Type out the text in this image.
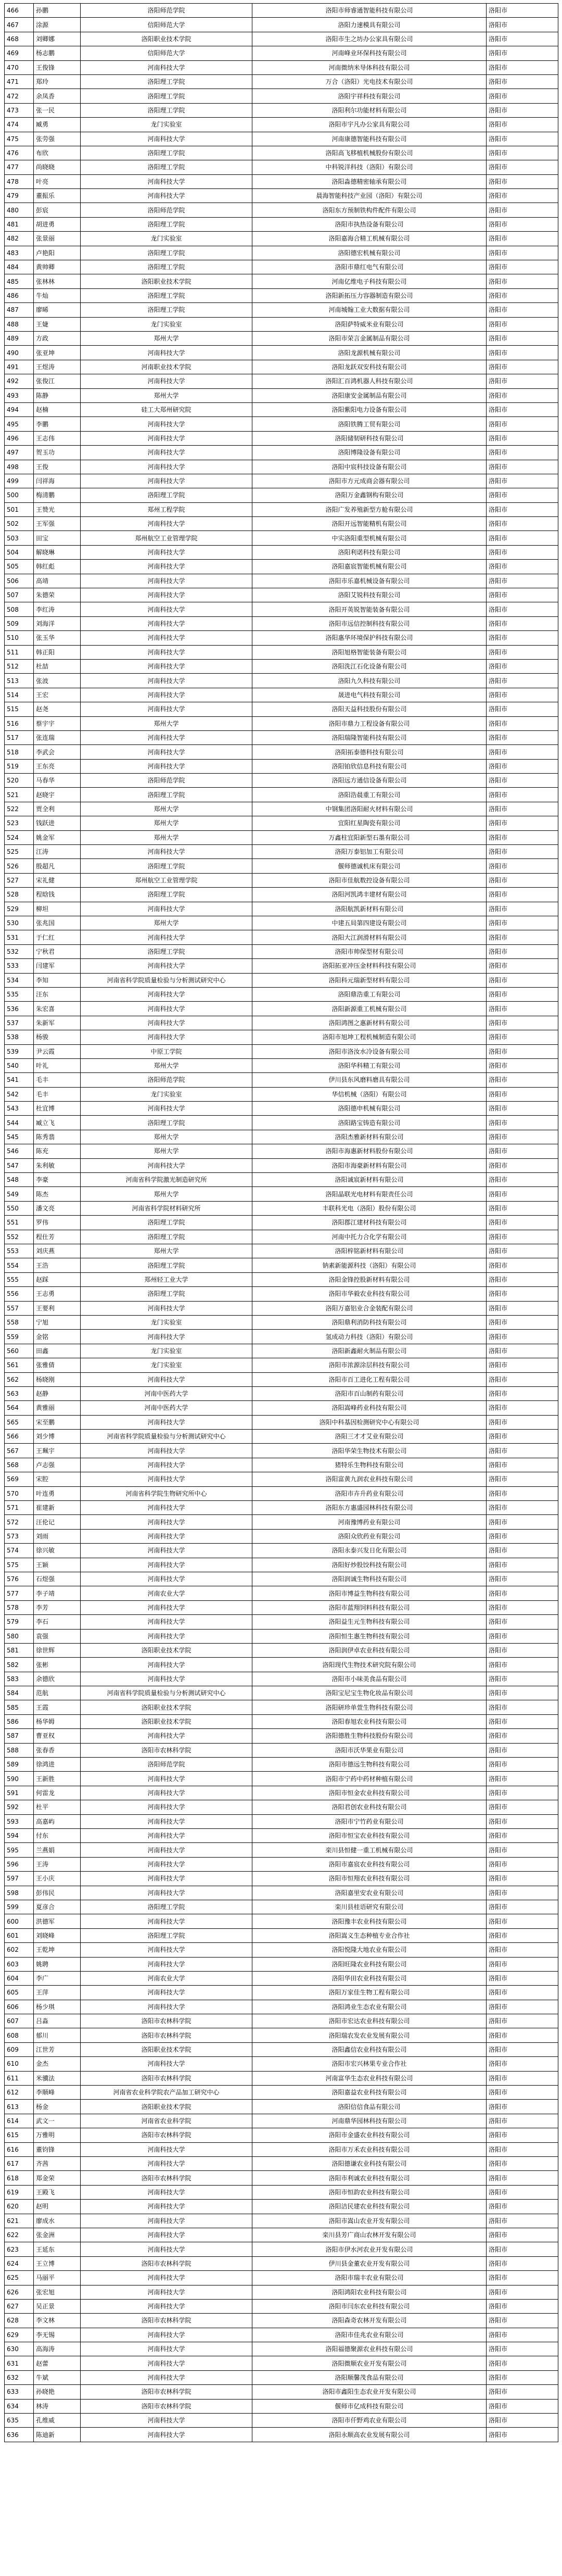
466	孙鹏	洛阳师范学院	洛阳市师睿通智能科技有限公司	洛阳市
467	涂源	信阳师范大学	洛阳力速模具有限公司	洛阳市
468	刘卿娜	洛阳职业技术学院	洛阳市生之坊办公家具有限公司	洛阳市
469	杨志鹏	信阳师范大学	河南峰业环保科技有限公司	洛阳市
470	王俊锋	河南科技大学	河南微纳米导体科技有限公司	洛阳市
471	郑玲	洛阳理工学院	万合（洛阳）光电技术有限公司	洛阳市
472	余凤香	洛阳理工学院	洛阳宇祥科技有限公司	洛阳市
473	张一民	洛阳理工学院	洛阳利尔功能材料有限公司	洛阳市
474	臧勇	龙门实验室	洛阳市宇凡办公家具有限公司	洛阳市
475	张劳强	河南科技大学	河南康德智能科技有限公司	洛阳市
476	布欣	洛阳理工学院	洛阳高飞移植机械股份有限公司	洛阳市
477	尚晓晓	洛阳理工学院	中科锐洋科技（洛阳）有限公司	洛阳市
478	叶亮	河南科技大学	洛阳淼德精密轴承有限公司	洛阳市
479	董振乐	河南科技大学	晨海智能科技产业园（洛阳）有限公司	洛阳市
480	彭宸	洛阳师范学院	洛阳东方预制铁构件配件有限公司	洛阳市
481	胡进勇	洛阳理工学院	洛阳市执热设备有限公司	洛阳市
482	张景丽	龙门实验室	洛阳嘉海合精工机械有限公司	洛阳市
483	卢艳阳	洛阳理工学院	洛阳德宏机械有限公司	洛阳市
484	黄帅卿	洛阳理工学院	洛阳市鼎红电气有限公司	洛阳市
485	张林林	洛阳职业技术学院	河南亿维电子科技有限公司	洛阳市
486	牛灿	洛阳理工学院	洛阳新拓压力容器制造有限公司	洛阳市
487	廖晞	洛阳理工学院	河南城翰工业大数据有限公司	洛阳市
488	王婕	龙门实验室	洛阳萨特威米业有限公司	洛阳市
489	方政	郑州大学	洛阳市荣言金属制品有限公司	洛阳市
490	张亚坤	河南科技大学	洛阳龙源机械有限公司	洛阳市
491	王煜涛	河南职业技术学院	洛阳龙跃双安科技有限公司	洛阳市
492	张俊江	河南科技大学	洛阳汇百鸿机器人科技有限公司	洛阳市
493	陈静	郑州大学	洛阳康安金属制品有限公司	洛阳市
494	赵楠	硅工大郑州研究院	洛阳紫阳电力设备有限公司	洛阳市
495	李鹏	河南科技大学	洛阳铁腾工贸有限公司	洛阳市
496	王志伟	河南科技大学	洛阳储韧研科技有限公司	洛阳市
497	贺玉功	河南科技大学	洛阳博隆设备有限公司	洛阳市
498	王俊	河南科技大学	洛阳中宸科技设备有限公司	洛阳市
499	闫祥海	河南科技大学	洛阳市方元成商会器有限公司	洛阳市
500	梅清鹏	洛阳理工学院	洛阳万金鑫钢构有限公司	洛阳市
501	王赞光	郑州工程学院	洛阳广发养殖新型方舱有限公司	洛阳市
502	王军强	河南科技大学	洛阳开远智能精机有限公司	洛阳市
503	田宝	郑州航空工业管理学院	中实洛阳重型机械有限公司	洛阳市
504	解晓琳	河南科技大学	洛阳利诺科技有限公司	洛阳市
505	韩红彪	河南科技大学	洛阳嘉宸智能机械有限公司	洛阳市
506	高靖	河南科技大学	洛阳市乐嘉机械设备有限公司	洛阳市
507	朱德荣	河南科技大学	洛阳艾锐科技有限公司	洛阳市
508	李红涛	河南科技大学	洛阳开英锐智能装备有限公司	洛阳市
509	刘海洋	河南科技大学	洛阳市远信控制科技有限公司	洛阳市
510	张玉华	河南科技大学	洛阳惠华环境保护科技有限公司	洛阳市
511	韩正阳	河南科技大学	洛阳旭格智能装备有限公司	洛阳市
512	杜喆	河南科技大学	洛阳洗江石化设备有限公司	洛阳市
513	张波	河南科技大学	洛阳九久科技有限公司	洛阳市
514	王宏	河南科技大学	晟进电气科技有限公司	洛阳市
515	赵尧	河南科技大学	洛阳天益科技股份有限公司	洛阳市
516	蔡宇宇	郑州大学	洛阳市鼎力工程设备有限公司	洛阳市
517	张连瑞	河南科技大学	洛阳瑞隆智能科技有限公司	洛阳市
518	李武会	河南科技大学	洛阳拓泰德科技有限公司	洛阳市
519	王东亮	河南科技大学	洛阳铂欣信息科技有限公司	洛阳市
520	马春华	洛阳师范学院	洛阳远方通信设备有限公司	洛阳市
521	赵晓宇	洛阳理工学院	洛阳浩晨重工有限公司	洛阳市
522	贾全利	郑州大学	中钢集团洛阳耐火材料有限公司	洛阳市
523	钱跃进	郑州大学	宜阳红星陶瓷有限公司	洛阳市
524	姚金军	郑州大学	万鑫柱宜阳新型石墨有限公司	洛阳市
525	江涛	河南科技大学	洛阳万泰铝加工有限公司	洛阳市
526	殷超凡	洛阳理工学院	偃师德诚机床有限公司	洛阳市
527	宋礼健	郑州航空工业管理学院	洛阳市佳航数控设备有限公司	洛阳市
528	程晗钱	洛阳理工学院	洛阳河凯鸿丰建材有限公司	洛阳市
529	柳坦	河南科技大学	洛阳航凯新材料有限公司	洛阳市
530	张兆国	郑州大学	中建五局第四建设有限公司	洛阳市
531	于仁红	河南科技大学	洛阳大江润滑材料有限公司	洛阳市
532	宁秋君	洛阳理工学院	洛阳市帅保型材有限公司	洛阳市
533	闫建军	河南科技大学	洛阳拓亚冲压金材料科技有限公司	洛阳市
534	李知	河南省科学院质量检验与分析测试研究中心	洛阳科元瑞新型材料有限公司	洛阳市
535	汪东	河南科技大学	洛阳鼎浩重工有限公司	洛阳市
536	朱宏喜	河南科技大学	洛阳新源重工机械有限公司	洛阳市
537	朱新军	河南科技大学	洛阳鸿图之惠新材料有限公司	洛阳市
538	杨骏	河南科技大学	洛阳市旭坤工程机械制造有限公司	洛阳市
539	尹云霞	中原工学院	洛阳市洛汝水冷设备有限公司	洛阳市
540	叶礼	郑州大学	洛阳华科精工有限公司	洛阳市
541	毛丰	洛阳师范学院	伊川县东风磨料磨具有限公司	洛阳市
542	毛丰	龙门实验室	华信机械（洛阳）有限公司	洛阳市
543	杜宜博	河南科技大学	洛阳德申机械有限公司	洛阳市
544	臧立飞	洛阳理工学院	洛阳路宝铸造有限公司	洛阳市
545	陈秀翡	郑州大学	洛阳杰雅新材料有限公司	洛阳市
546	陈充	郑州大学	洛阳市海惠新材料股份有限公司	洛阳市
547	朱利敏	河南科技大学	洛阳市海豪新材料有限公司	洛阳市
548	李豪	河南省科学院激光制造研究所	洛阳诚宸新材料有限公司	洛阳市
549	陈杰	郑州大学	洛阳晶联光电材料有限责任公司	洛阳市
550	潘文亮	河南省科学院材料研究所	丰联科光电（洛阳）股份有限公司	洛阳市
551	罗伟	洛阳理工学院	洛阳郡江建材科技有限公司	洛阳市
552	程仕芳	洛阳理工学院	河南中托力合化学有限公司	洛阳市
553	刘庆燕	郑州大学	洛阳梓铭新材料有限公司	洛阳市
554	王浩	洛阳理工学院	钠素新能源科技（洛阳）有限公司	洛阳市
555	赵踩	郑州轻工业大学	洛阳金锋控股新材料有限公司	洛阳市
556	王志勇	洛阳理工学院	洛阳市华毅农业科技有限公司	洛阳市
557	王要利	河南科技大学	洛阳万嘉铝业合金装配有限公司	洛阳市
558	宁旭	龙门实验室	洛阳鼎利消防科技有限公司	洛阳市
559	金铭	河南科技大学	氢成动力科技（洛阳）有限公司	洛阳市
560	田鑫	龙门实验室	洛阳新鑫耐火制品有限公司	洛阳市
561	张雅倩	龙门实验室	洛阳市浓源涂层科技有限公司	洛阳市
562	杨晓刚	河南科技大学	洛阳市百工进化工程有限公司	洛阳市
563	赵静	河南中医药大学	洛阳市百山制药有限公司	洛阳市
564	黄雅丽	河南中医药大学	洛阳嵩峰药业科技有限公司	洛阳市
565	宋至鹏	河南科技大学	洛阳中科基因检测研究中心有限公司	洛阳市
566	刘少博	河南省科学院质量检验与分析测试研究中心	洛阳三才才艾业有限公司	洛阳市
567	王珮宇	河南科技大学	洛阳华荣生物技术有限公司	洛阳市
568	卢志强	河南科技大学	猪特乐生物科技有限公司	洛阳市
569	宋腔	河南科技大学	洛阳富黄九润农业科技有限公司	洛阳市
570	叶连勇	河南省科学院生物研究所中心	洛阳市卉升药业有限公司	洛阳市
571	崔建新	河南科技大学	洛阳东方惠盛园林科技有限公司	洛阳市
572	汪伦记	河南科技大学	河南豫博药业有限公司	洛阳市
573	刘雨	河南科技大学	洛阳众欣药业有限公司	洛阳市
574	徐兴敏	河南科技大学	洛阳永泰兴发日化有限公司	洛阳市
575	王颖	河南科技大学	洛阳好炒股饺科技有限公司	洛阳市
576	石煜强	河南科技大学	洛阳润诚生物科技有限公司	洛阳市
577	李子靖	河南农业大学	洛阳市博益生物科技有限公司	洛阳市
578	李芳	河南科技大学	洛阳市蓝翔饲料科技有限公司	洛阳市
579	李石	河南科技大学	洛阳益生元生物科技有限公司	洛阳市
580	袁强	河南科技大学	洛阳恒生惠生物科技有限公司	洛阳市
581	徐世辉	洛阳职业技术学院	洛阳润伊卓农业科技有限公司	洛阳市
582	张彬	河南科技大学	洛阳现代生物技术研究院有限公司	洛阳市
583	余德欣	河南科技大学	洛阳市小味美食品有限公司	洛阳市
584	范航	河南省科学院质量检验与分析测试研究中心	洛阳宝尼宝生物化妆品有限公司	洛阳市
585	王霞	洛阳职业技术学院	洛阳研珍单萱生物科技有限公司	洛阳市
586	杨华姆	洛阳职业技术学院	洛阳春旭农业科技有限公司	洛阳市
587	曹亚权	河南科技大学	洛阳德胜生物科技股份有限公司	洛阳市
588	张春香	洛阳市农林科学院	洛阳市沃华果业有限公司	洛阳市
589	徐鸿进	洛阳师范学院	洛阳市德远生物科技有限公司	洛阳市
590	王新胜	河南科技大学	洛阳市宁药中药材种植有限公司	洛阳市
591	何雷龙	河南科技大学	洛阳市恒金农业科技有限公司	洛阳市
592	杜平	河南科技大学	洛阳君创农业科技有限公司	洛阳市
593	高嘉屿	河南科技大学	洛阳市宁竹药业有限公司	洛阳市
594	付东	河南科技大学	洛阳市恒宝农业科技有限公司	洛阳市
595	兰燕娟	河南科技大学	栾川县恒健一重工机械有限公司	洛阳市
596	王涛	河南科技大学	洛阳市嘉宸农业科技有限公司	洛阳市
597	王小庆	河南科技大学	洛阳市恒翔农业科技有限公司	洛阳市
598	彭伟民	河南科技大学	洛阳嘉里安农业有限公司	洛阳市
599	夏彦合	洛阳理工学院	栾川县桂语研究有限公司	洛阳市
600	洪德军	河南科技大学	洛阳豫丰农业科技有限公司	洛阳市
601	刘晓峰	洛阳理工学院	洛阳嵩义生态种植专业合作社	洛阳市
602	王乾坤	河南科技大学	洛阳悦隆大地农业有限公司	洛阳市
603	姚聘	河南科技大学	洛阳旺隆农业科技有限公司	洛阳市
604	李广	河南农业大学	洛阳华田农业科技有限公司	洛阳市
605	王萍	河南科技大学	洛阳万家佳生物工程有限公司	洛阳市
606	杨少琪	河南科技大学	洛阳鸿业生态农业有限公司	洛阳市
607	吕淼	洛阳市农林科学院	洛阳市宏达农业科技有限公司	洛阳市
608	郁川	洛阳市农林科学院	洛阳瑞农发农业发展有限公司	洛阳市
609	江世芳	洛阳职业技术学院	洛阳鑫信农业科技有限公司	洛阳市
610	金杰	河南科技大学	洛阳市宏兴林果专业合作社	洛阳市
611	米骥法	洛阳市农林科学院	河南富华生态农业科技有限公司	洛阳市
612	李顺峰	河南省农业科学院农产品加工研究中心	洛阳嘉益农业科技有限公司	洛阳市
613	杨金	洛阳职业技术学院	洛阳信信食品有限公司	洛阳市
614	武文一	河南省农业科学院	河南鼎华园林科技有限公司	洛阳市
615	万雅明	洛阳市农林科学院	洛阳市金盛农业科技有限公司	洛阳市
616	董钧锋	河南科技大学	洛阳市万禾农业科技有限公司	洛阳市
617	齐茜	河南科技大学	洛阳德谦农业科技有限公司	洛阳市
618	郑金荣	洛阳市农林科学院	洛阳市利诚农业科技有限公司	洛阳市
619	王殿飞	河南科技大学	洛阳市恒韵农业科技有限公司	洛阳市
620	赵明	河南科技大学	洛阳洁民建农业科技有限公司	洛阳市
621	廖成水	河南科技大学	洛阳市嵩山农业开发有限公司	洛阳市
622	张金洲	河南科技大学	栾川县芳广商山农林开发有限公司	洛阳市
623	王延东	河南科技大学	洛阳市伊水河农业开发有限公司	洛阳市
624	王立博	洛阳市农林科学院	伊川县金董农业开发有限公司	洛阳市
625	马丽平	河南科技大学	洛阳市瑞丰农业有限公司	洛阳市
626	张宏旭	河南科技大学	洛阳鸿阳农业科技有限公司	洛阳市
627	吴正景	河南科技大学	洛阳市闫东农业科技有限公司	洛阳市
628	李文林	洛阳市农林科学院	洛阳森奇农林开发有限公司	洛阳市
629	李无锡	河南科技大学	洛阳市佳兆农业有限公司	洛阳市
630	高海涛	河南科技大学	洛阳福德聚源农业科技有限公司	洛阳市
631	赵蕾	河南科技大学	洛阳微顺农业开发有限公司	洛阳市
632	牛斌	河南科技大学	洛阳顺馨茂食品有限公司	洛阳市
633	孙晓艳	洛阳市农林科学院	洛阳市鑫阳生态农业开发有限公司	洛阳市
634	林涛	洛阳市农林科学院	偃师市亿成科技有限公司	洛阳市
635	孔维威	河南科技大学	洛阳市仟野鸡农业有限公司	洛阳市
636	陈迪新	河南科技大学	洛阳永顺高农业发展有限公司	洛阳市
